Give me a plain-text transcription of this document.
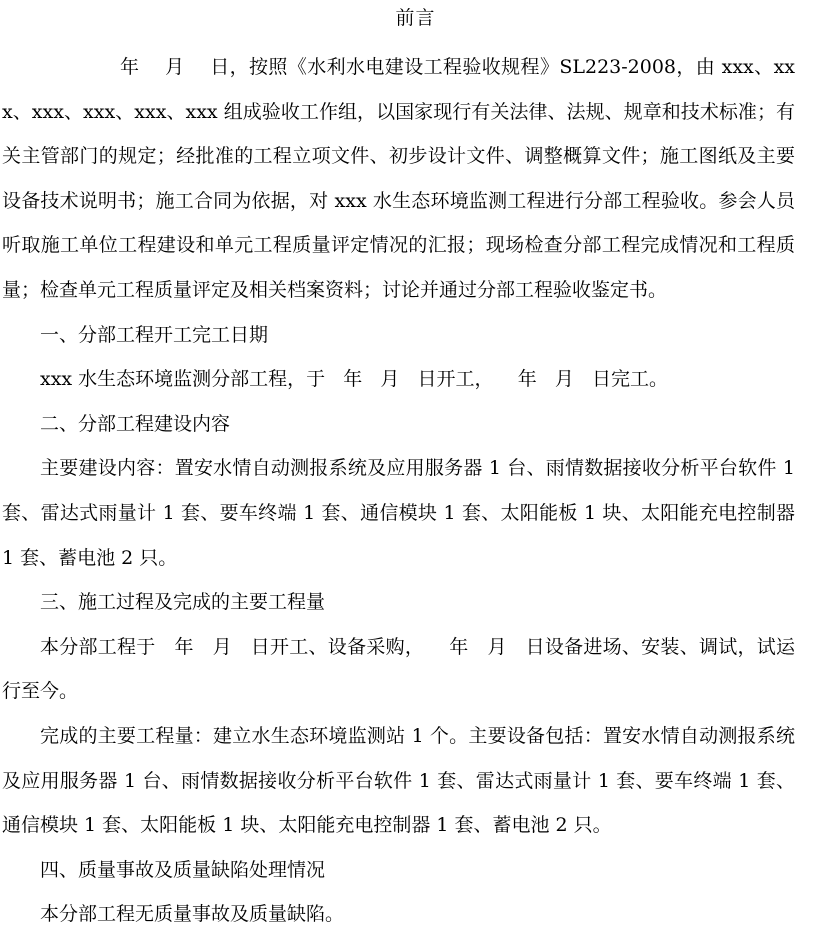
前言

年    月    日，按照《水利水电建设工程验收规程》SL223-2008，由 xxx、xxx、xxx、xxx、xxx、xxx 组成验收工作组，以国家现行有关法律、法规、规章和技术标准；有关主管部门的规定；经批准的工程立项文件、初步设计文件、调整概算文件；施工图纸及主要设备技术说明书；施工合同为依据，对 xxx 水生态环境监测工程进行分部工程验收。参会人员听取施工单位工程建设和单元工程质量评定情况的汇报；现场检查分部工程完成情况和工程质量；检查单元工程质量评定及相关档案资料；讨论并通过分部工程验收鉴定书。

一、分部工程开工完工日期

xxx 水生态环境监测分部工程，于   年   月   日开工，    年   月   日完工。

二、分部工程建设内容

主要建设内容：置安水情自动测报系统及应用服务器 1 台、雨情数据接收分析平台软件 1 套、雷达式雨量计 1 套、要车终端 1 套、通信模块 1 套、太阳能板 1 块、太阳能充电控制器 1 套、蓄电池 2 只。

三、施工过程及完成的主要工程量

本分部工程于   年   月   日开工、设备采购，    年   月   日设备进场、安装、调试，试运行至今。

完成的主要工程量：建立水生态环境监测站 1 个。主要设备包括：置安水情自动测报系统及应用服务器 1 台、雨情数据接收分析平台软件 1 套、雷达式雨量计 1 套、要车终端 1 套、通信模块 1 套、太阳能板 1 块、太阳能充电控制器 1 套、蓄电池 2 只。

四、质量事故及质量缺陷处理情况

本分部工程无质量事故及质量缺陷。
